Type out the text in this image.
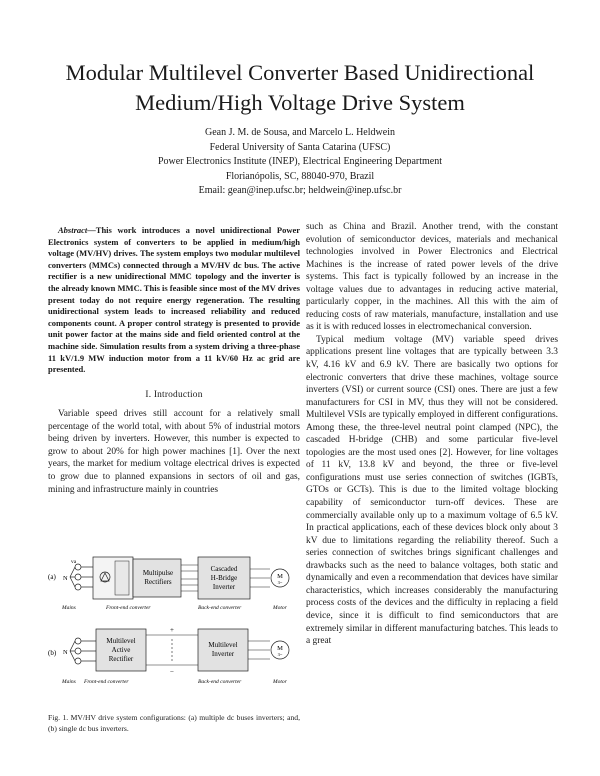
Modular Multilevel Converter Based Unidirectional
Medium/High Voltage Drive System
Gean J. M. de Sousa, and Marcelo L. Heldwein
Federal University of Santa Catarina (UFSC)
Power Electronics Institute (INEP), Electrical Engineering Department
Florianópolis, SC, 88040-970, Brazil
Email: gean@inep.ufsc.br; heldwein@inep.ufsc.br

Abstract—This work introduces a novel unidirectional Power Electronics system of converters to be applied in medium/high voltage (MV/HV) drives. The system employs two modular multilevel converters (MMCs) connected through a MV/HV dc bus. The active rectifier is a new unidirectional MMC topology and the inverter is the already known MMC. This is feasible since most of the MV drives present today do not require energy regeneration. The resulting unidirectional system leads to increased reliability and reduced components count. A proper control strategy is presented to provide unit power factor at the mains side and field oriented control at the machine side. Simulation results from a system driving a three-phase 11 kV/1.9 MW induction motor from a 11 kV/60 Hz ac grid are presented.

I. Introduction

Variable speed drives still account for a relatively small percentage of the world total, with about 5% of industrial motors being driven by inverters. However, this number is expected to grow to about 20% for high power machines [1]. Over the next years, the market for medium voltage electrical drives is expected to grow due to planned expansions in sectors of oil and gas, mining and infrastructure mainly in countries

(a) N
va
Multipulse
Rectifiers
Cascaded
H-Bridge
Inverter
M
3~
Mains	Front-end converter	Back-end converter	Motor
(b) N
Multilevel
Active
Rectifier
+
−
Multilevel
Inverter
M
3~
Mains Front-end converter	Back-end converter	Motor
Fig. 1. MV/HV drive system configurations: (a) multiple dc buses inverters; and, (b) single dc bus inverters.

such as China and Brazil. Another trend, with the constant evolution of semiconductor devices, materials and mechanical technologies involved in Power Electronics and Electrical Machines is the increase of rated power levels of the drive systems. This fact is typically followed by an increase in the voltage values due to advantages in reducing active material, particularly copper, in the machines. All this with the aim of reducing costs of raw materials, manufacture, installation and use as it is with reduced losses in electromechanical conversion.

Typical medium voltage (MV) variable speed drives applications present line voltages that are typically between 3.3 kV, 4.16 kV and 6.9 kV. There are basically two options for electronic converters that drive these machines, voltage source inverters (VSI) or current source (CSI) ones. There are just a few manufacturers for CSI in MV, thus they will not be considered. Multilevel VSIs are typically employed in different configurations. Among these, the three-level neutral point clamped (NPC), the cascaded H-bridge (CHB) and some particular five-level topologies are the most used ones [2]. However, for line voltages of 11 kV, 13.8 kV and beyond, the three or five-level configurations must use series connection of switches (IGBTs, GTOs or GCTs). This is due to the limited voltage blocking capability of semiconductor turn-off devices. These are commercially available only up to a maximum voltage of 6.5 kV. In practical applications, each of these devices block only about 3 kV due to limitations regarding the reliability thereof. Such a series connection of switches brings significant challenges and drawbacks such as the need to balance voltages, both static and dynamically and even a recommendation that devices have similar characteristics, which increases considerably the manufacturing process costs of the devices and the difficulty in replacing a field device, since it is difficult to find semiconductors that are extremely similar in different manufacturing batches. This leads to a great
